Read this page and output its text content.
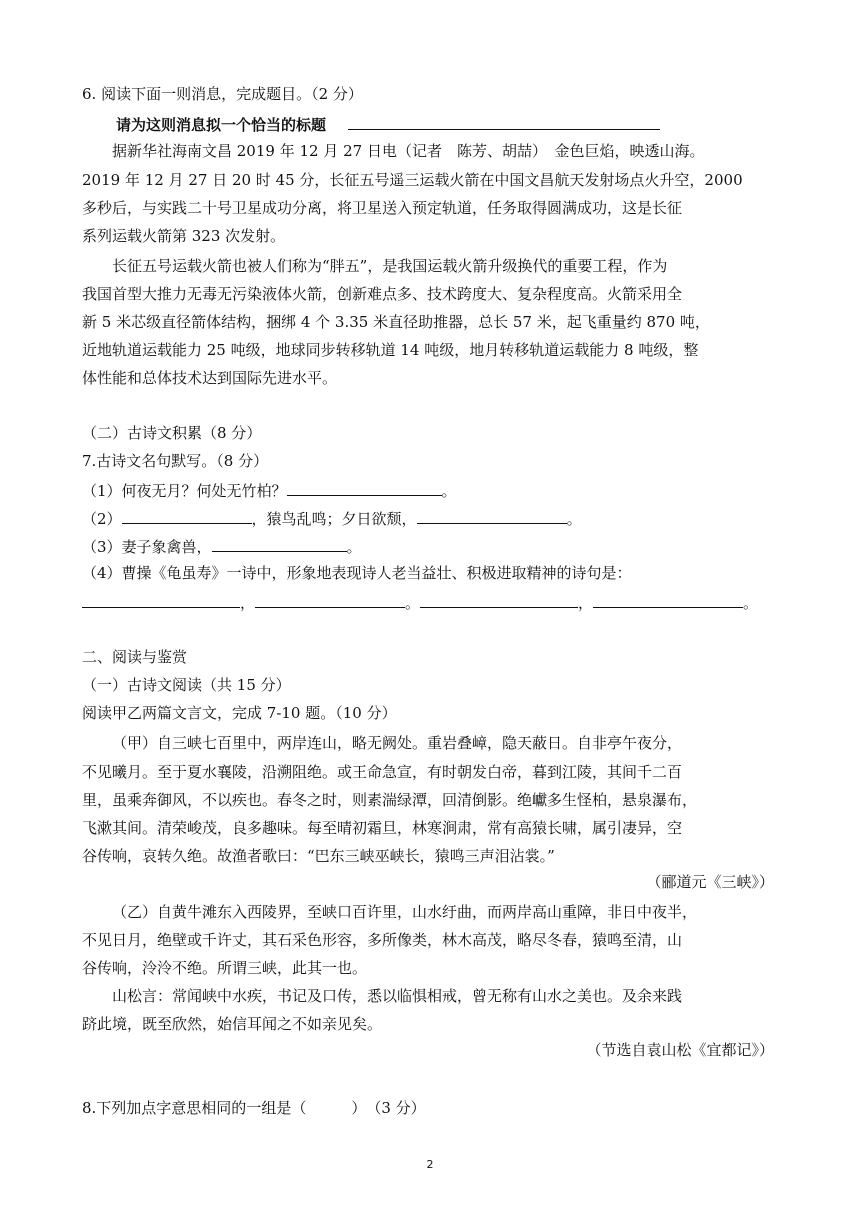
6. 阅读下面一则消息，完成题目。（2 分）
请为这则消息拟一个恰当的标题
据新华社海南文昌 2019 年 12 月 27 日电（记者　陈芳、胡喆）　金色巨焰，映透山海。
2019 年 12 月 27 日 20 时 45 分，长征五号遥三运载火箭在中国文昌航天发射场点火升空，2000
多秒后，与实践二十号卫星成功分离，将卫星送入预定轨道，任务取得圆满成功，这是长征
系列运载火箭第 323 次发射。
长征五号运载火箭也被人们称为“胖五”，是我国运载火箭升级换代的重要工程，作为
我国首型大推力无毒无污染液体火箭，创新难点多、技术跨度大、复杂程度高。火箭采用全
新 5 米芯级直径箭体结构，捆绑 4 个 3.35 米直径助推器，总长 57 米，起飞重量约 870 吨，
近地轨道运载能力 25 吨级，地球同步转移轨道 14 吨级，地月转移轨道运载能力 8 吨级，整
体性能和总体技术达到国际先进水平。
（二）古诗文积累（8 分）
7.古诗文名句默写。（8 分）
（1）何夜无月？何处无竹柏？	。
（2）	，猿鸟乱鸣；夕日欲颓，	。
（3）妻子象禽兽，	。
（4）曹操《龟虽寿》一诗中，形象地表现诗人老当益壮、积极进取精神的诗句是：
，	。	，	。
二、阅读与鉴赏
（一）古诗文阅读（共 15 分）
阅读甲乙两篇文言文，完成 7-10 题。（10 分）
（甲）自三峡七百里中，两岸连山，略无阙处。重岩叠嶂，隐天蔽日。自非亭午夜分，
不见曦月。至于夏水襄陵，沿溯阻绝。或王命急宣，有时朝发白帝，暮到江陵，其间千二百
里，虽乘奔御风，不以疾也。春冬之时，则素湍绿潭，回清倒影。绝巘多生怪柏，悬泉瀑布，
飞漱其间。清荣峻茂，良多趣味。每至晴初霜旦，林寒涧肃，常有高猿长啸，属引凄异，空
谷传响，哀转久绝。故渔者歌曰：“巴东三峡巫峡长，猿鸣三声泪沾裳。”
（郦道元《三峡》）
（乙）自黄牛滩东入西陵界，至峡口百许里，山水纡曲，而两岸高山重障，非日中夜半，
不见日月，绝壁或千许丈，其石采色形容，多所像类，林木高茂，略尽冬春，猿鸣至清，山
谷传响，泠泠不绝。所谓三峡，此其一也。
山松言：常闻峡中水疾，书记及口传，悉以临惧相戒，曾无称有山水之美也。及余来践
跻此境，既至欣然，始信耳闻之不如亲见矣。
（节选自袁山松《宜都记》）
8.下列加点字意思相同的一组是（　　　）　（3 分）
2
